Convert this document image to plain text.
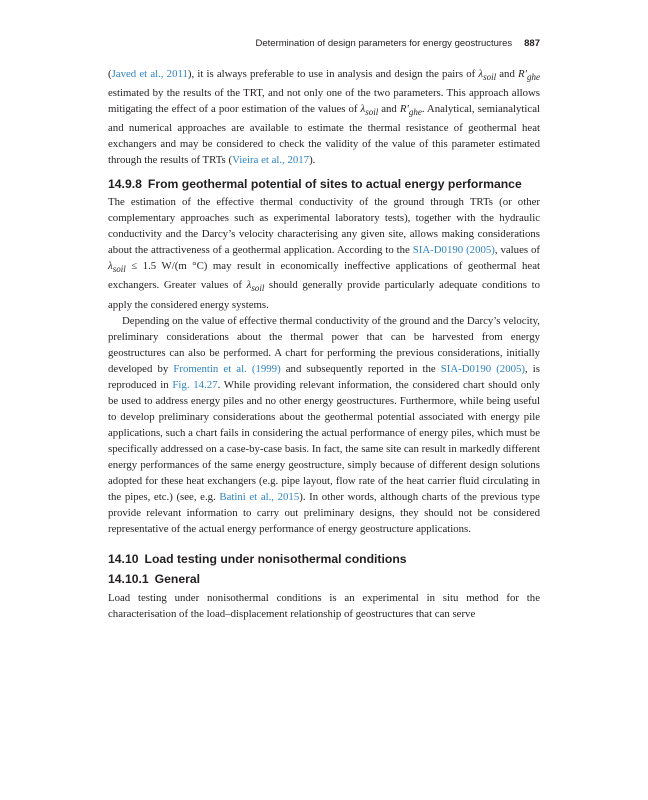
Determination of design parameters for energy geostructures 887

(Javed et al., 2011), it is always preferable to use in analysis and design the pairs of $\lambda_{soil}$ and $R'_{ghe}$ estimated by the results of the TRT, and not only one of the two parameters. This approach allows mitigating the effect of a poor estimation of the values of $\lambda_{soil}$ and $R'_{ghe}$. Analytical, semianalytical and numerical approaches are available to estimate the thermal resistance of geothermal heat exchangers and may be considered to check the validity of the value of this parameter estimated through the results of TRTs (Vieira et al., 2017).

14.9.8 From geothermal potential of sites to actual energy performance

The estimation of the effective thermal conductivity of the ground through TRTs (or other complementary approaches such as experimental laboratory tests), together with the hydraulic conductivity and the Darcy’s velocity characterising any given site, allows making considerations about the attractiveness of a geothermal application. According to the SIA-D0190 (2005), values of $\lambda_{soil} \le 1.5$ W/(m °C) may result in economically ineffective applications of geothermal heat exchangers. Greater values of $\lambda_{soil}$ should generally provide particularly adequate conditions to apply the considered energy systems.

Depending on the value of effective thermal conductivity of the ground and the Darcy’s velocity, preliminary considerations about the thermal power that can be harvested from energy geostructures can also be performed. A chart for performing the previous considerations, initially developed by Fromentin et al. (1999) and subsequently reported in the SIA-D0190 (2005), is reproduced in Fig. 14.27. While providing relevant information, the considered chart should only be used to address energy piles and no other energy geostructures. Furthermore, while being useful to develop preliminary considerations about the geothermal potential associated with energy pile applications, such a chart fails in considering the actual performance of energy piles, which must be specifically addressed on a case-by-case basis. In fact, the same site can result in markedly different energy performances of the same energy geostructure, simply because of different design solutions adopted for these heat exchangers (e.g. pipe layout, flow rate of the heat carrier fluid circulating in the pipes, etc.) (see, e.g. Batini et al., 2015). In other words, although charts of the previous type provide relevant information to carry out preliminary designs, they should not be considered representative of the actual energy performance of energy geostructure applications.

14.10 Load testing under nonisothermal conditions
14.10.1 General

Load testing under nonisothermal conditions is an experimental in situ method for the characterisation of the load–displacement relationship of geostructures that can serve
